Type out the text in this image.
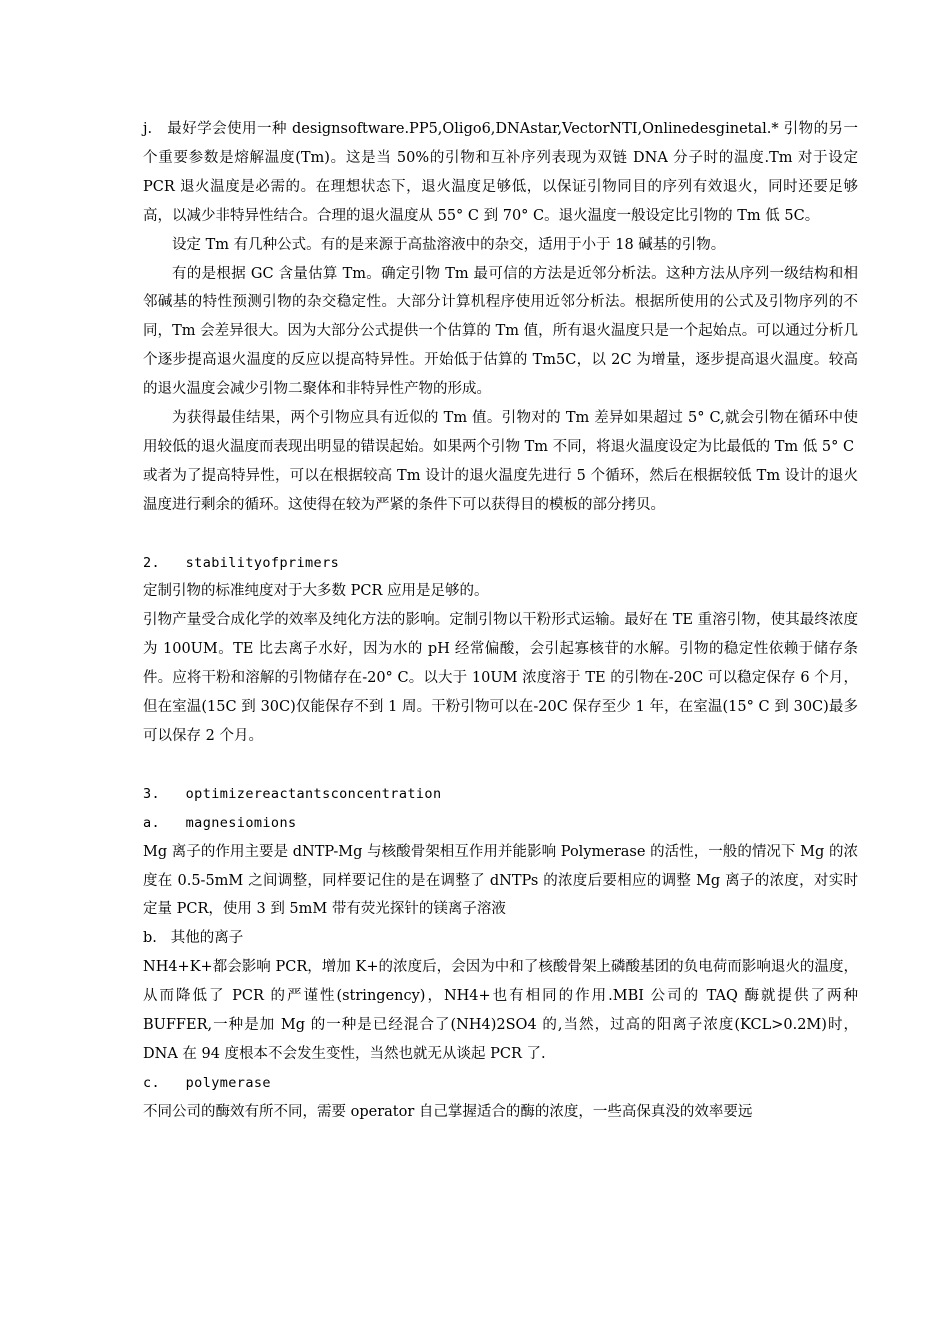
j.   最好学会使用一种 designsoftware.PP5,Oligo6,DNAstar,VectorNTI,Onlinedesginetal.* 引物的另一个重要参数是熔解温度(Tm)。这是当 50%的引物和互补序列表现为双链 DNA 分子时的温度.Tm 对于设定 PCR 退火温度是必需的。在理想状态下，退火温度足够低，以保证引物同目的序列有效退火，同时还要足够高，以减少非特异性结合。合理的退火温度从 55° C 到 70° C。退火温度一般设定比引物的 Tm 低 5C。

设定 Tm 有几种公式。有的是来源于高盐溶液中的杂交，适用于小于 18 碱基的引物。

有的是根据 GC 含量估算 Tm。确定引物 Tm 最可信的方法是近邻分析法。这种方法从序列一级结构和相邻碱基的特性预测引物的杂交稳定性。大部分计算机程序使用近邻分析法。根据所使用的公式及引物序列的不同，Tm 会差异很大。因为大部分公式提供一个估算的 Tm 值，所有退火温度只是一个起始点。可以通过分析几个逐步提高退火温度的反应以提高特异性。开始低于估算的 Tm5C，以 2C 为增量，逐步提高退火温度。较高的退火温度会减少引物二聚体和非特异性产物的形成。

为获得最佳结果，两个引物应具有近似的 Tm 值。引物对的 Tm 差异如果超过 5° C,就会引物在循环中使用较低的退火温度而表现出明显的错误起始。如果两个引物 Tm 不同，将退火温度设定为比最低的 Tm 低 5° C

或者为了提高特异性，可以在根据较高 Tm 设计的退火温度先进行 5 个循环，然后在根据较低 Tm 设计的退火温度进行剩余的循环。这使得在较为严紧的条件下可以获得目的模板的部分拷贝。

2.   stabilityofprimers

定制引物的标准纯度对于大多数 PCR 应用是足够的。

引物产量受合成化学的效率及纯化方法的影响。定制引物以干粉形式运输。最好在 TE 重溶引物，使其最终浓度为 100UM。TE 比去离子水好，因为水的 pH 经常偏酸，会引起寡核苷的水解。引物的稳定性依赖于储存条件。应将干粉和溶解的引物储存在-20° C。以大于 10UM 浓度溶于 TE 的引物在-20C 可以稳定保存 6 个月，但在室温(15C 到 30C)仅能保存不到 1 周。干粉引物可以在-20C 保存至少 1 年，在室温(15° C 到 30C)最多可以保存 2 个月。

3.   optimizereactantsconcentration

a.   magnesiomions

Mg 离子的作用主要是 dNTP-Mg 与核酸骨架相互作用并能影响 Polymerase 的活性，一般的情况下 Mg 的浓度在 0.5-5mM 之间调整，同样要记住的是在调整了 dNTPs 的浓度后要相应的调整 Mg 离子的浓度，对实时定量 PCR，使用 3 到 5mM 带有荧光探针的镁离子溶液

b.   其他的离子

NH4+K+都会影响 PCR，增加 K+的浓度后，会因为中和了核酸骨架上磷酸基团的负电荷而影响退火的温度，从而降低了 PCR 的严谨性(stringency)，NH4+也有相同的作用.MBI 公司的 TAQ 酶就提供了两种 BUFFER,一种是加 Mg 的一种是已经混合了(NH4)2SO4 的,当然，过高的阳离子浓度(KCL>0.2M)时，DNA 在 94 度根本不会发生变性，当然也就无从谈起 PCR 了.

c.   polymerase

不同公司的酶效有所不同，需要 operator 自己掌握适合的酶的浓度，一些高保真没的效率要远
